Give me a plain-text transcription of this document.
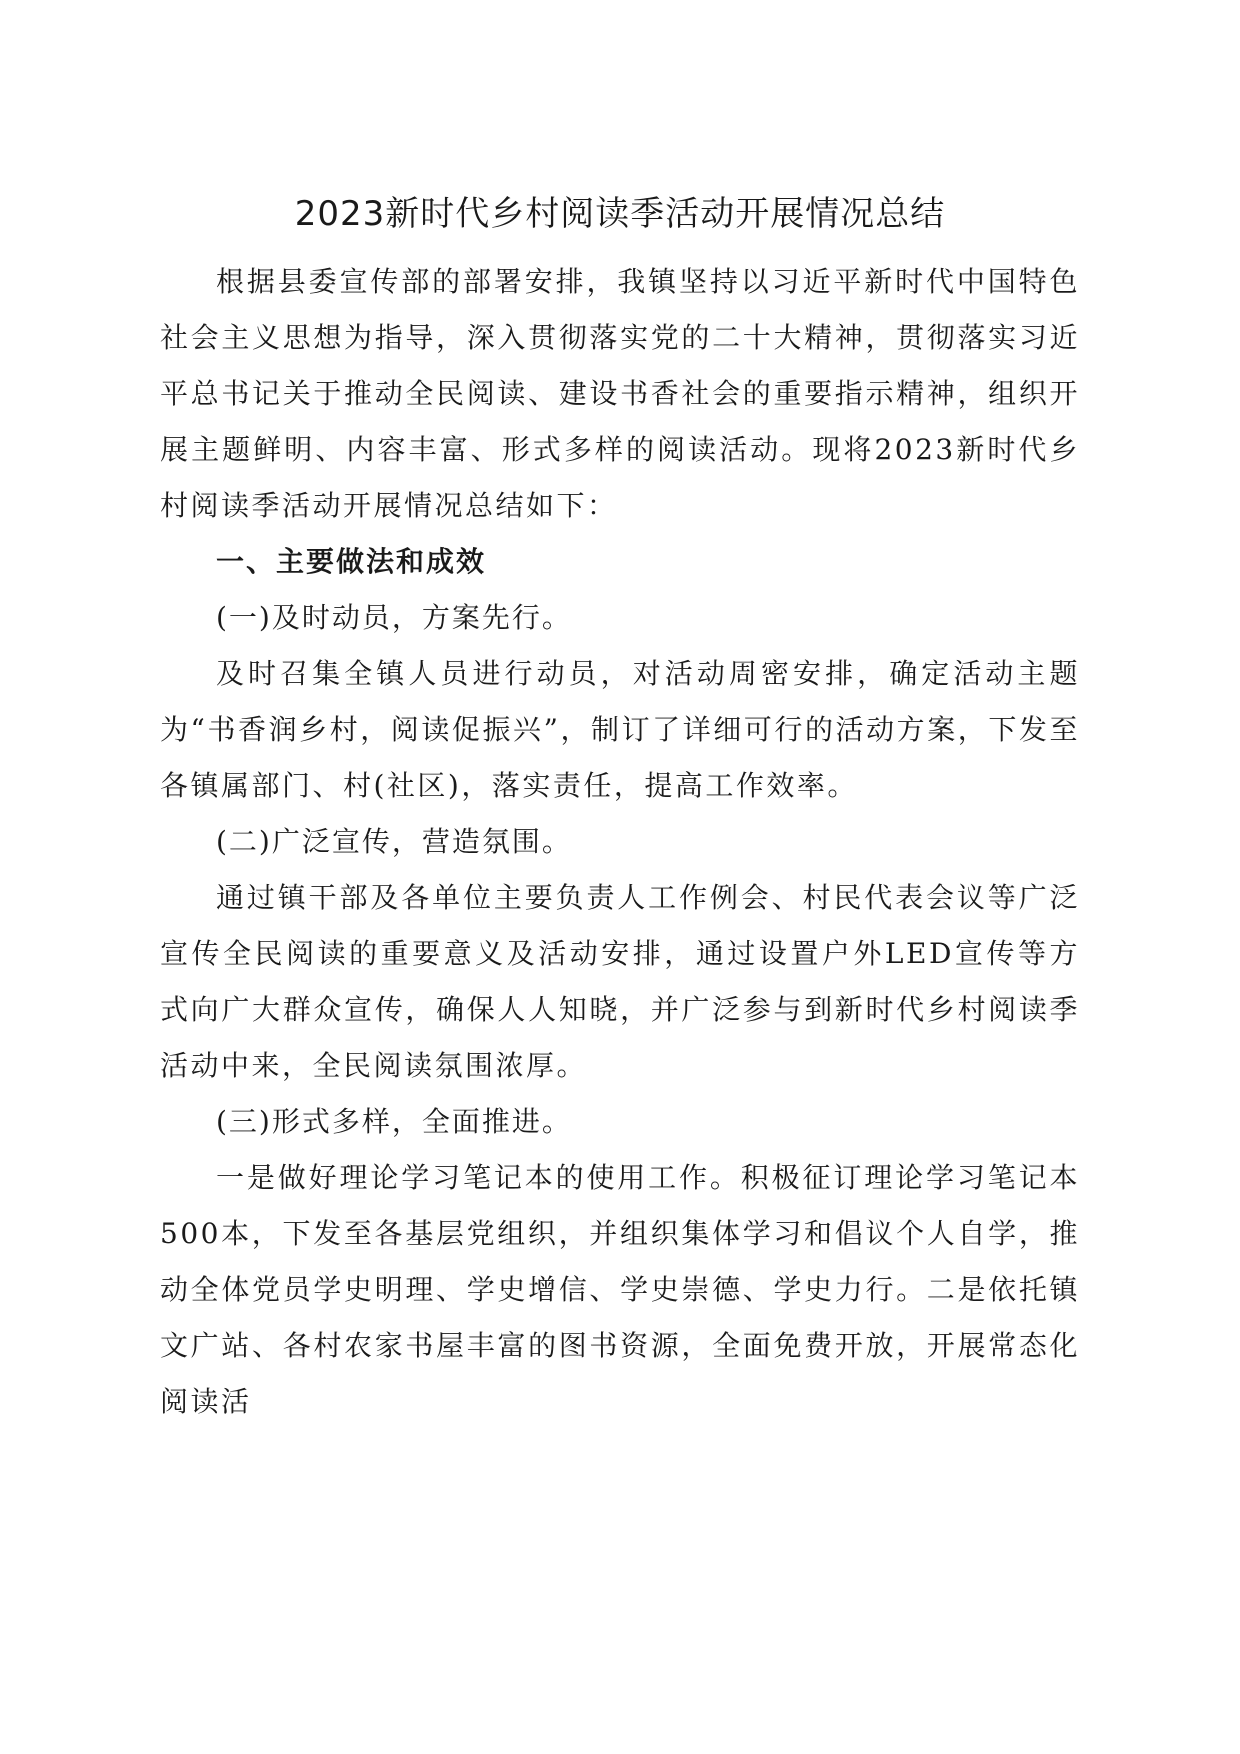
2023新时代乡村阅读季活动开展情况总结

根据县委宣传部的部署安排，我镇坚持以习近平新时代中国特色社会主义思想为指导，深入贯彻落实党的二十大精神，贯彻落实习近平总书记关于推动全民阅读、建设书香社会的重要指示精神，组织开展主题鲜明、内容丰富、形式多样的阅读活动。现将2023新时代乡村阅读季活动开展情况总结如下：

一、主要做法和成效

(一)及时动员，方案先行。

及时召集全镇人员进行动员，对活动周密安排，确定活动主题为“书香润乡村，阅读促振兴”，制订了详细可行的活动方案，下发至各镇属部门、村(社区)，落实责任，提高工作效率。

(二)广泛宣传，营造氛围。

通过镇干部及各单位主要负责人工作例会、村民代表会议等广泛宣传全民阅读的重要意义及活动安排，通过设置户外LED宣传等方式向广大群众宣传，确保人人知晓，并广泛参与到新时代乡村阅读季活动中来，全民阅读氛围浓厚。

(三)形式多样，全面推进。

一是做好理论学习笔记本的使用工作。积极征订理论学习笔记本500本，下发至各基层党组织，并组织集体学习和倡议个人自学，推动全体党员学史明理、学史增信、学史崇德、学史力行。二是依托镇文广站、各村农家书屋丰富的图书资源，全面免费开放，开展常态化阅读活
